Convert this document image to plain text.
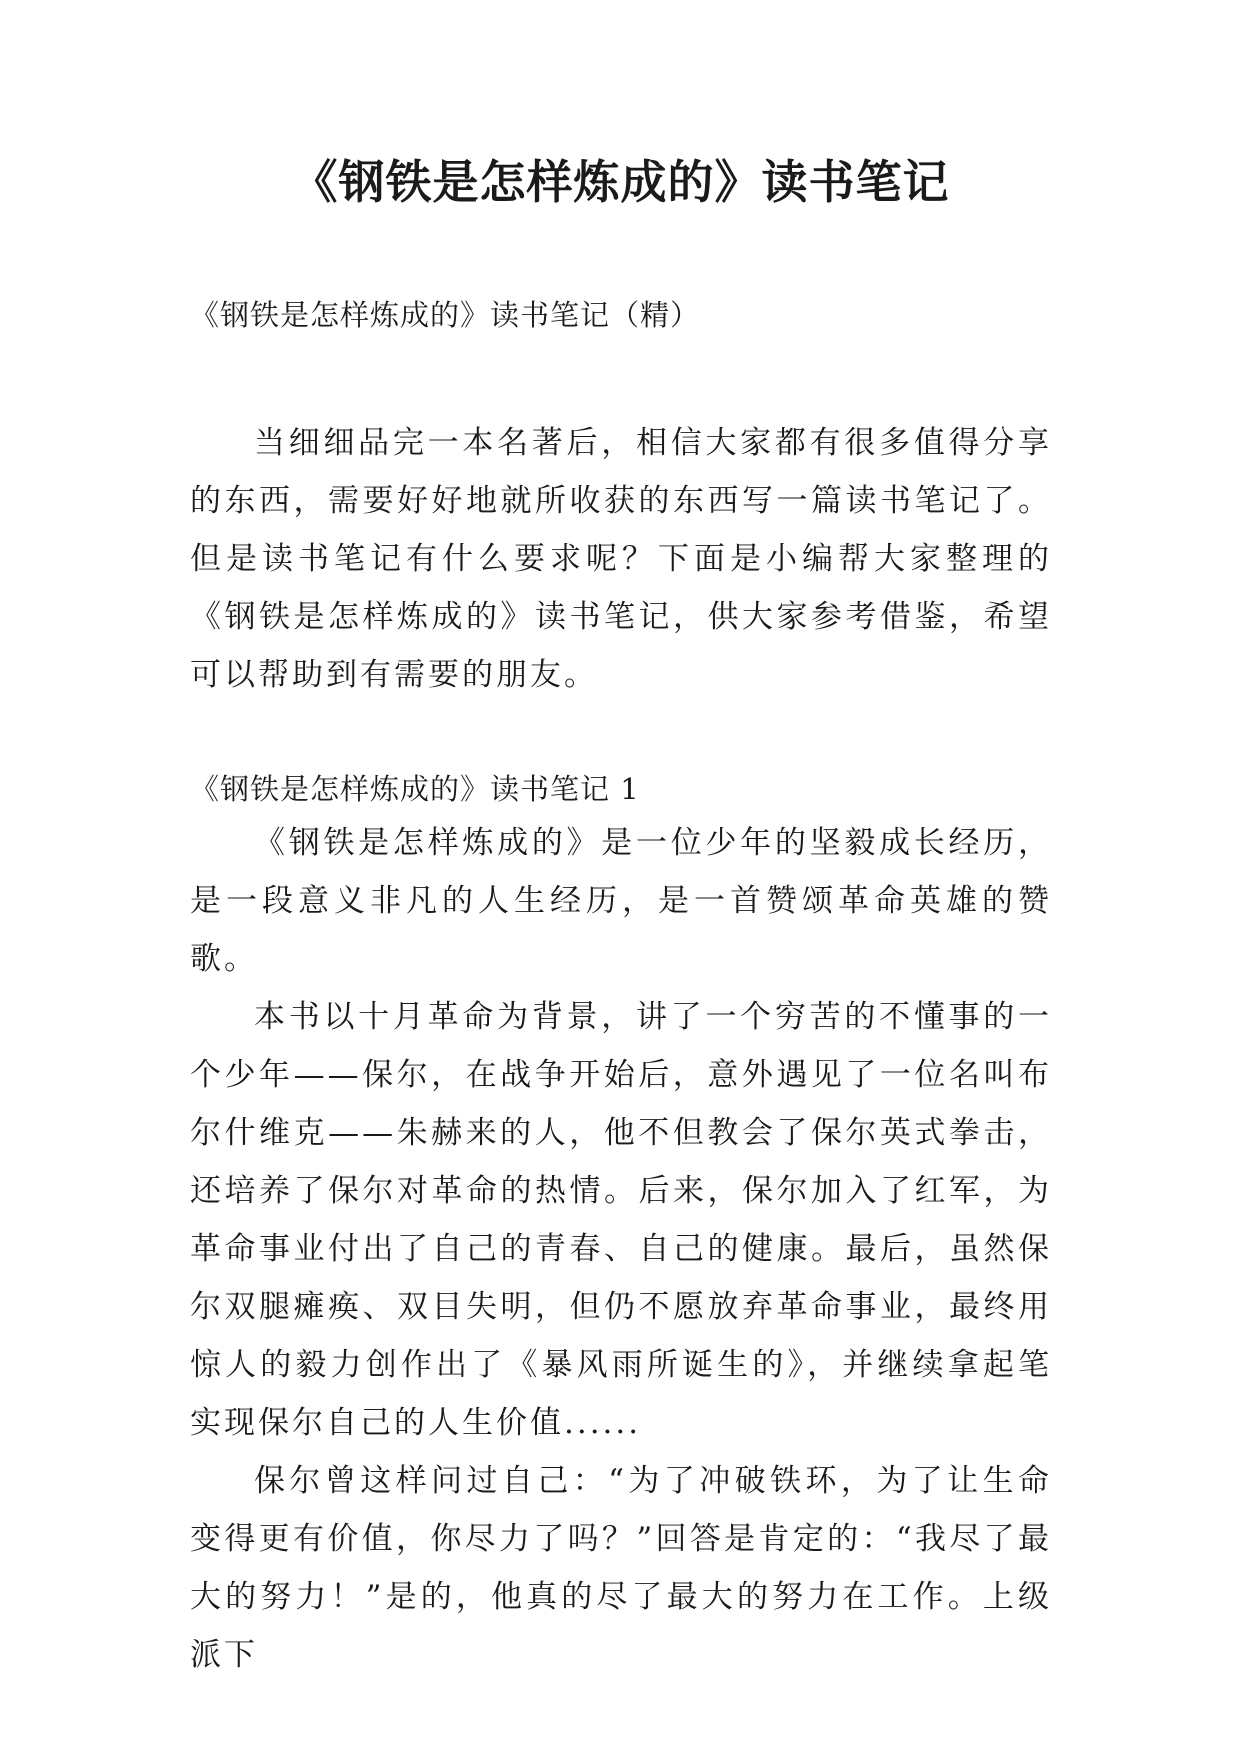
《钢铁是怎样炼成的》读书笔记

《钢铁是怎样炼成的》读书笔记（精）

当细细品完一本名著后，相信大家都有很多值得分享的东西，需要好好地就所收获的东西写一篇读书笔记了。但是读书笔记有什么要求呢？下面是小编帮大家整理的《钢铁是怎样炼成的》读书笔记，供大家参考借鉴，希望可以帮助到有需要的朋友。

《钢铁是怎样炼成的》读书笔记 1

《钢铁是怎样炼成的》是一位少年的坚毅成长经历，是一段意义非凡的人生经历，是一首赞颂革命英雄的赞歌。

本书以十月革命为背景，讲了一个穷苦的不懂事的一个少年——保尔，在战争开始后，意外遇见了一位名叫布尔什维克——朱赫来的人，他不但教会了保尔英式拳击，还培养了保尔对革命的热情。后来，保尔加入了红军，为革命事业付出了自己的青春、自己的健康。最后，虽然保尔双腿瘫痪、双目失明，但仍不愿放弃革命事业，最终用惊人的毅力创作出了《暴风雨所诞生的》，并继续拿起笔实现保尔自己的人生价值......

保尔曾这样问过自己：“为了冲破铁环，为了让生命变得更有价值，你尽力了吗？”回答是肯定的：“我尽了最大的努力！”是的，他真的尽了最大的努力在工作。上级派下
